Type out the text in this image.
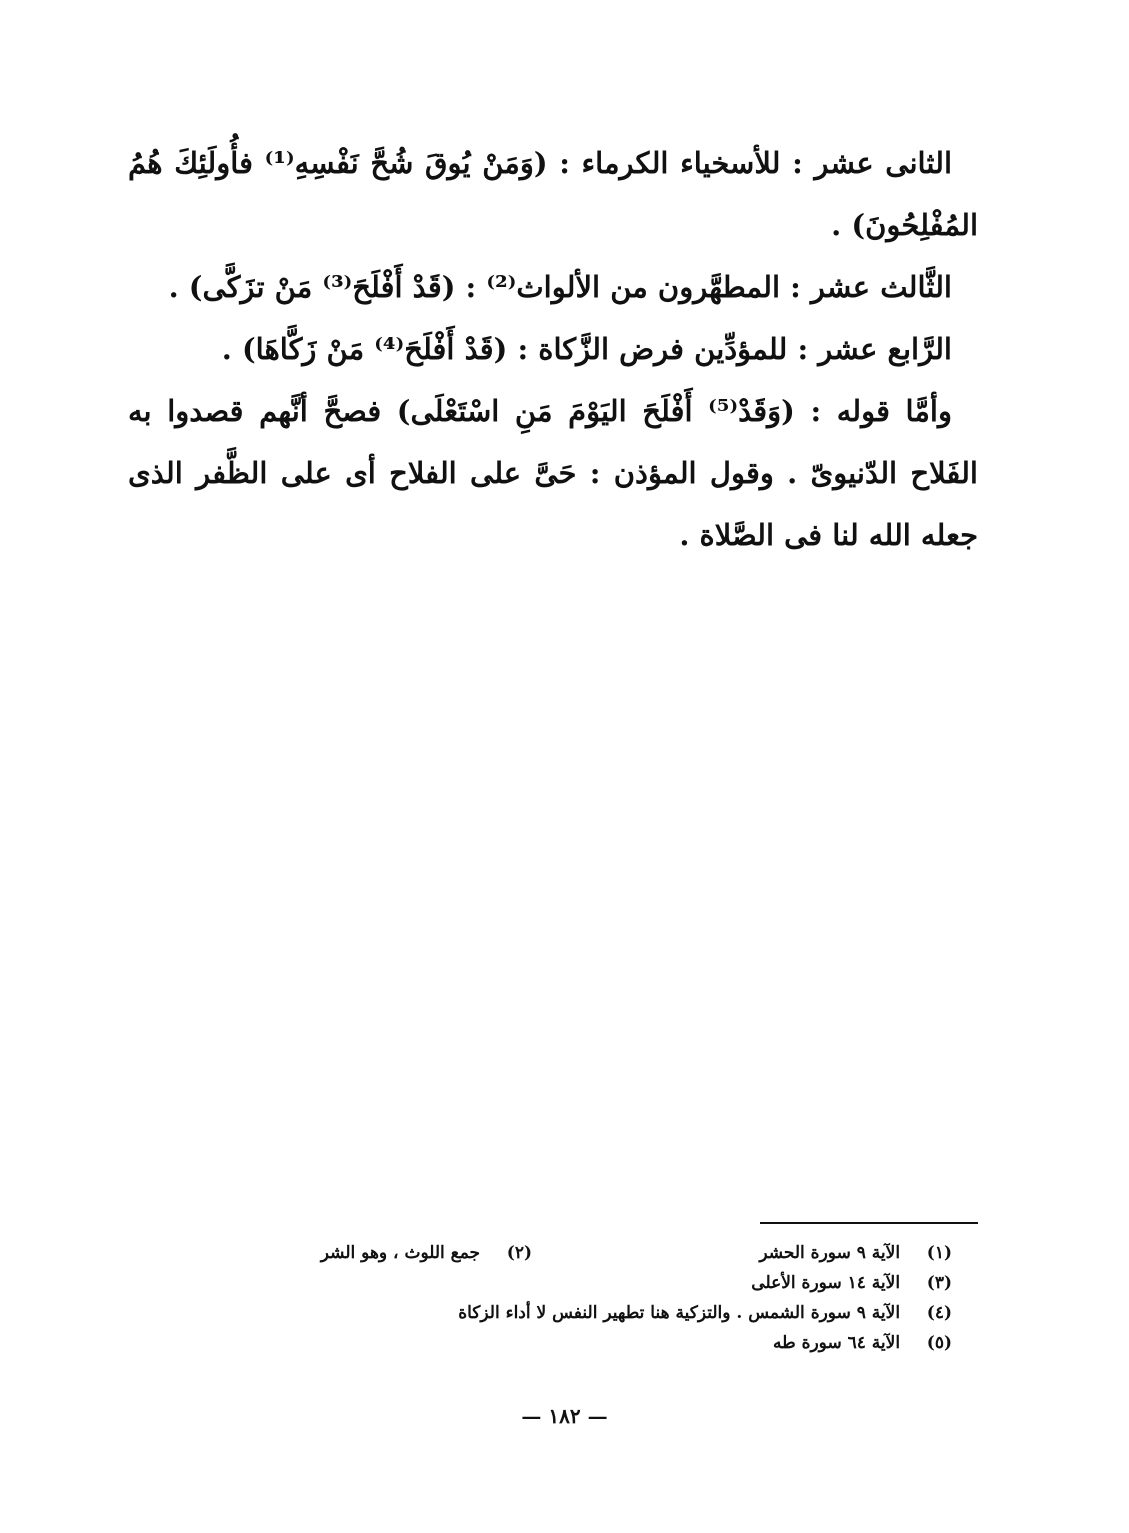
الثانى عشر : للأسخياء الكرماء : (وَمَنْ يُوقَ شُحَّ نَفْسِهِ⁽¹⁾ فأُولَئِكَ هُمُ المُفْلِحُونَ) .

الثَّالث عشر : المطهَّرون من الألواث⁽²⁾ : (قَدْ أَفْلَحَ⁽³⁾ مَنْ تزَكَّى) .

الرَّابع عشر : للمؤدِّين فرض الزَّكاة : (قَدْ أَفْلَحَ⁽⁴⁾ مَنْ زَكَّاهَا) .

وأمَّا قوله : (وَقَدْ⁽⁵⁾ أَفْلَحَ اليَوْمَ مَنِ اسْتَعْلَى) فصحَّ أنَّهم قصدوا به الفَلاح الدّنيوىّ . وقول المؤذن : حَىَّ على الفلاح أى على الظَّفر الذى جعله الله لنا فى الصَّلاة .

(١) الآية ٩ سورة الحشر
(٢) جمع اللوث ، وهو الشر
(٣) الآية ١٤ سورة الأعلى
(٤) الآية ٩ سورة الشمس . والتزكية هنا تطهير النفس لا أداء الزكاة
(٥) الآية ٦٤ سورة طه
— ١٨٢ —
